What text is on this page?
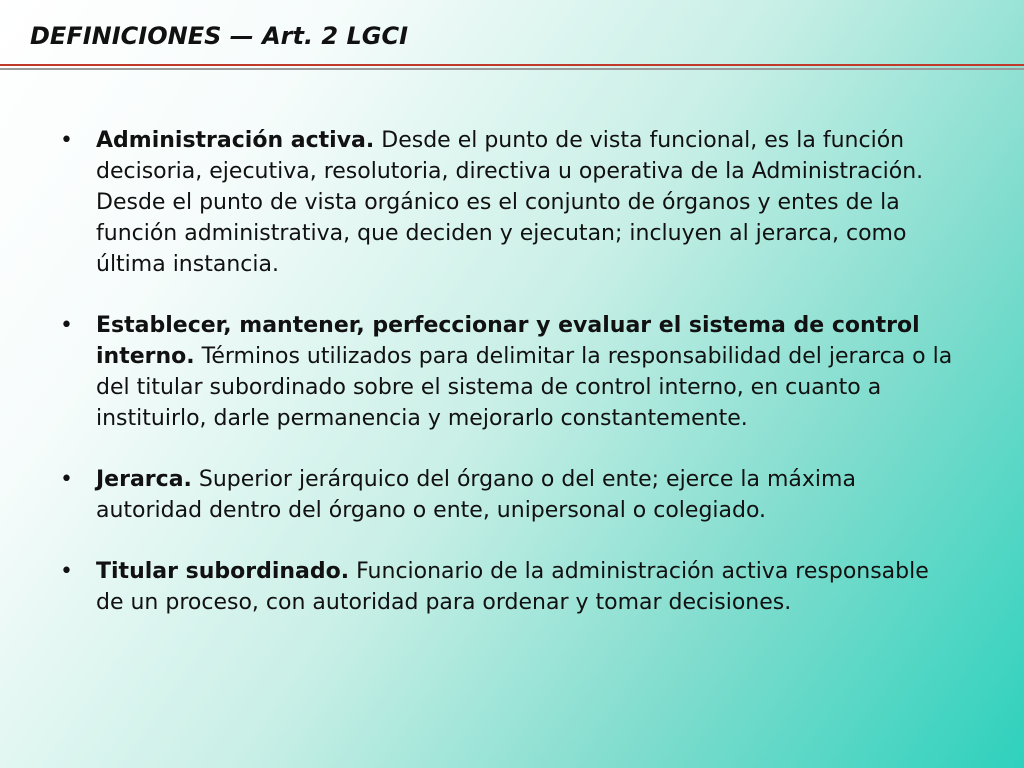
DEFINICIONES — Art. 2 LGCI
• Administración activa. Desde el punto de vista funcional, es la función decisoria, ejecutiva, resolutoria, directiva u operativa de la Administración. Desde el punto de vista orgánico es el conjunto de órganos y entes de la función administrativa, que deciden y ejecutan; incluyen al jerarca, como última instancia.
• Establecer, mantener, perfeccionar y evaluar el sistema de control interno. Términos utilizados para delimitar la responsabilidad del jerarca o la del titular subordinado sobre el sistema de control interno, en cuanto a instituirlo, darle permanencia y mejorarlo constantemente.
• Jerarca. Superior jerárquico del órgano o del ente; ejerce la máxima autoridad dentro del órgano o ente, unipersonal o colegiado.
• Titular subordinado. Funcionario de la administración activa responsable de un proceso, con autoridad para ordenar y tomar decisiones.
